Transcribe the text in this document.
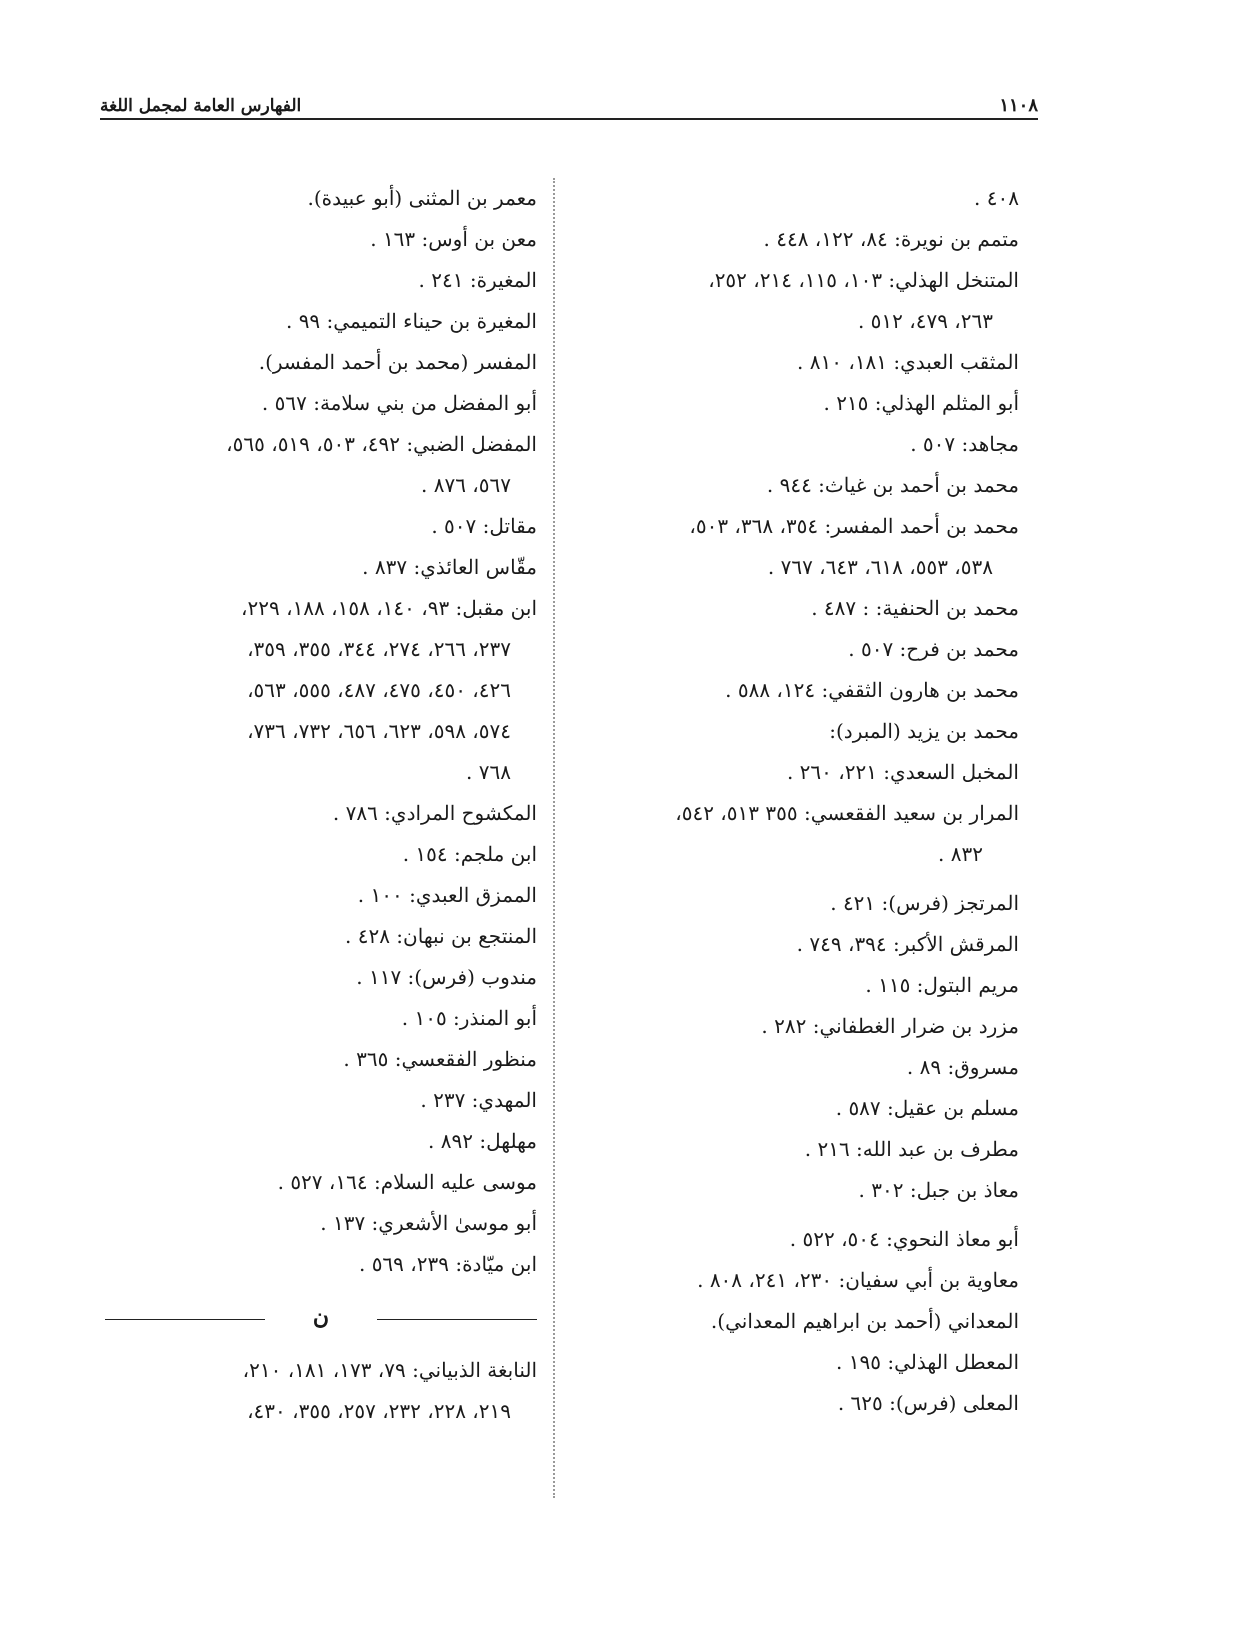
الفهارس العامة لمجمل اللغة	١١٠٨
٤٠٨ .
متمم بن نويرة: ٨٤، ١٢٢، ٤٤٨ .
المتنخل الهذلي: ١٠٣، ١١٥، ٢١٤، ٢٥٢،
٢٦٣، ٤٧٩، ٥١٢ .
المثقب العبدي: ١٨١، ٨١٠ .
أبو المثلم الهذلي: ٢١٥ .
مجاهد: ٥٠٧ .
محمد بن أحمد بن غياث: ٩٤٤ .
محمد بن أحمد المفسر: ٣٥٤، ٣٦٨، ٥٠٣،
٥٣٨، ٥٥٣، ٦١٨، ٦٤٣، ٧٦٧ .
محمد بن الحنفية: : ٤٨٧ .
محمد بن فرح: ٥٠٧ .
محمد بن هارون الثقفي: ١٢٤، ٥٨٨ .
محمد بن يزيد (المبرد):
المخبل السعدي: ٢٢١، ٢٦٠ .
المرار بن سعيد الفقعسي: ٣٥٥ ٥١٣، ٥٤٢،
٨٣٢ .
المرتجز (فرس): ٤٢١ .
المرقش الأكبر: ٣٩٤، ٧٤٩ .
مريم البتول: ١١٥ .
مزرد بن ضرار الغطفاني: ٢٨٢ .
مسروق: ٨٩ .
مسلم بن عقيل: ٥٨٧ .
مطرف بن عبد الله: ٢١٦ .
معاذ بن جبل: ٣٠٢ .
أبو معاذ النحوي: ٥٠٤، ٥٢٢ .
معاوية بن أبي سفيان: ٢٣٠، ٢٤١، ٨٠٨ .
المعداني (أحمد بن ابراهيم المعداني).
المعطل الهذلي: ١٩٥ .
المعلى (فرس): ٦٢٥ .
معمر بن المثنى (أبو عبيدة).
معن بن أوس: ١٦٣ .
المغيرة: ٢٤١ .
المغيرة بن حيناء التميمي: ٩٩ .
المفسر (محمد بن أحمد المفسر).
أبو المفضل من بني سلامة: ٥٦٧ .
المفضل الضبي: ٤٩٢، ٥٠٣، ٥١٩، ٥٦٥،
٥٦٧، ٨٧٦ .
مقاتل: ٥٠٧ .
مقّاس العائذي: ٨٣٧ .
ابن مقبل: ٩٣، ١٤٠، ١٥٨، ١٨٨، ٢٢٩،
٢٣٧، ٢٦٦، ٢٧٤، ٣٤٤، ٣٥٥، ٣٥٩،
٤٢٦، ٤٥٠، ٤٧٥، ٤٨٧، ٥٥٥، ٥٦٣،
٥٧٤، ٥٩٨، ٦٢٣، ٦٥٦، ٧٣٢، ٧٣٦،
٧٦٨ .
المكشوح المرادي: ٧٨٦ .
ابن ملجم: ١٥٤ .
الممزق العبدي: ١٠٠ .
المنتجع بن نبهان: ٤٢٨ .
مندوب (فرس): ١١٧ .
أبو المنذر: ١٠٥ .
منظور الفقعسي: ٣٦٥ .
المهدي: ٢٣٧ .
مهلهل: ٨٩٢ .
موسى عليه السلام: ١٦٤، ٥٢٧ .
أبو موسىٰ الأشعري: ١٣٧ .
ابن ميّادة: ٢٣٩، ٥٦٩ .
ن
النابغة الذبياني: ٧٩، ١٧٣، ١٨١، ٢١٠،
٢١٩، ٢٢٨، ٢٣٢، ٢٥٧، ٣٥٥، ٤٣٠،
